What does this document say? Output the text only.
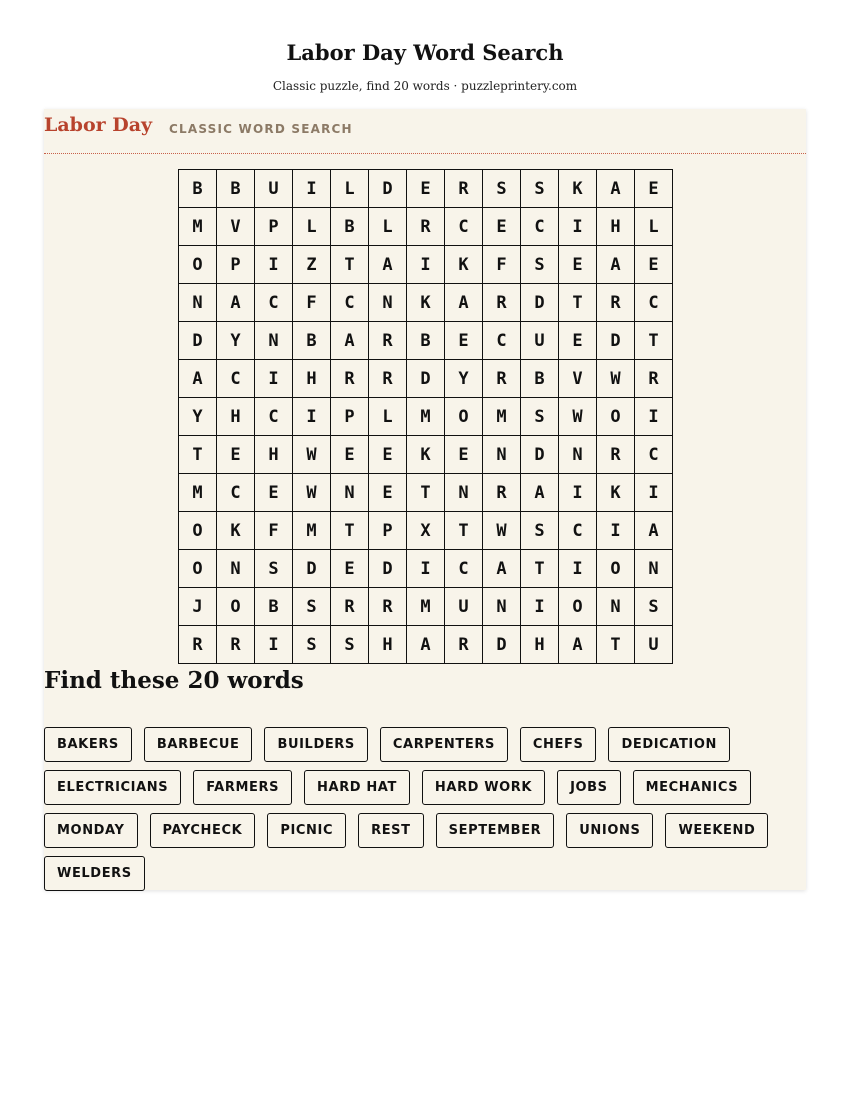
Labor Day Word Search
Classic puzzle, find 20 words · puzzleprintery.com
Labor Day CLASSIC WORD SEARCH
B	B	U	I	L	D	E	R	S	S	K	A	E
M	V	P	L	B	L	R	C	E	C	I	H	L
O	P	I	Z	T	A	I	K	F	S	E	A	E
N	A	C	F	C	N	K	A	R	D	T	R	C
D	Y	N	B	A	R	B	E	C	U	E	D	T
A	C	I	H	R	R	D	Y	R	B	V	W	R
Y	H	C	I	P	L	M	O	M	S	W	O	I
T	E	H	W	E	E	K	E	N	D	N	R	C
M	C	E	W	N	E	T	N	R	A	I	K	I
O	K	F	M	T	P	X	T	W	S	C	I	A
O	N	S	D	E	D	I	C	A	T	I	O	N
J	O	B	S	R	R	M	U	N	I	O	N	S
R	R	I	S	S	H	A	R	D	H	A	T	U
Find these 20 words
BAKERS	BARBECUE	BUILDERS	CARPENTERS	CHEFS	DEDICATION
ELECTRICIANS	FARMERS	HARD HAT	HARD WORK	JOBS	MECHANICS
MONDAY	PAYCHECK	PICNIC	REST	SEPTEMBER	UNIONS	WEEKEND
WELDERS
